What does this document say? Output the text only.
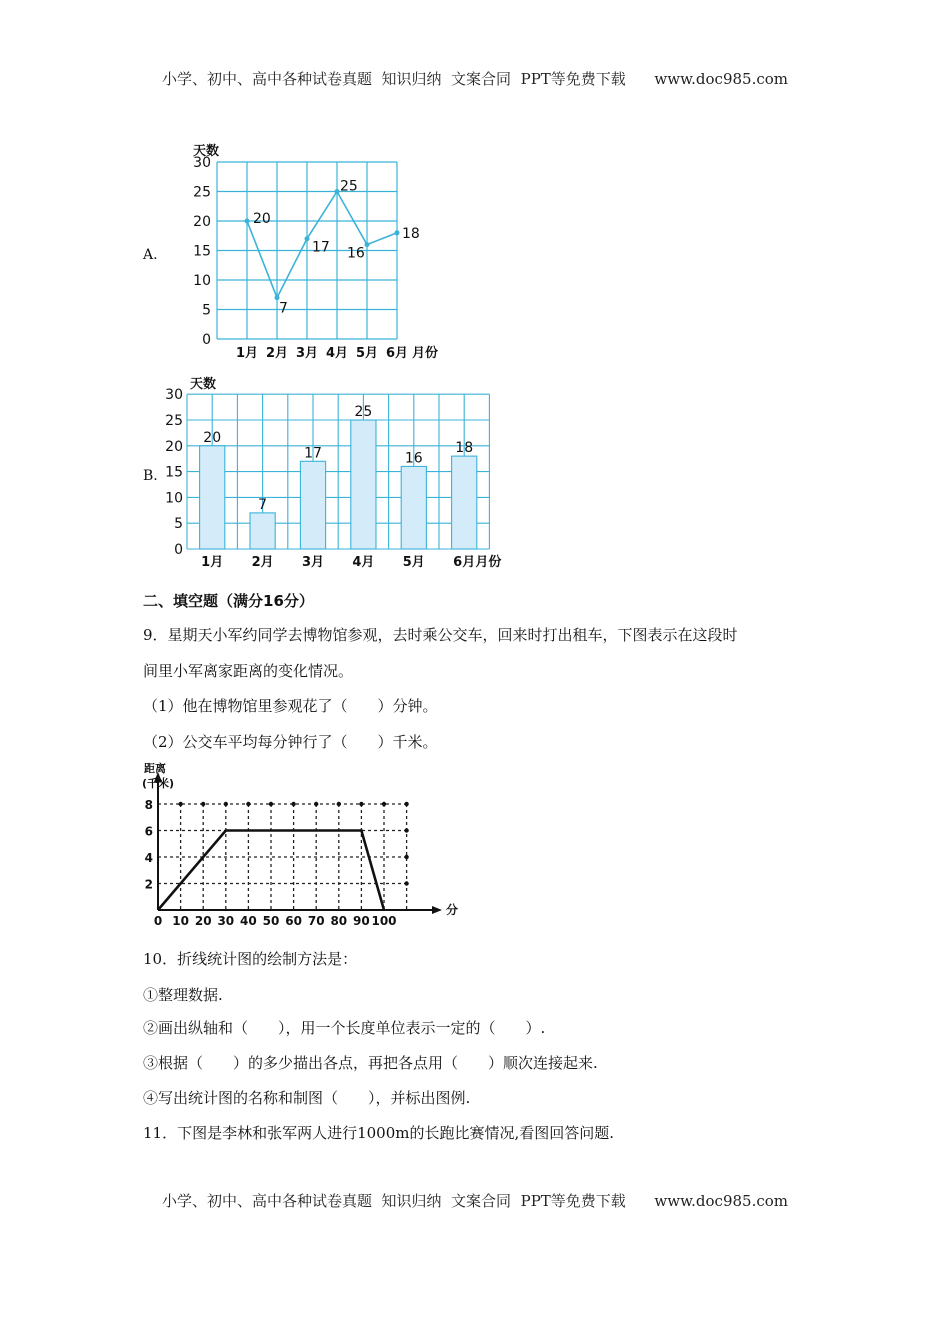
小学、初中、高中各种试卷真题  知识归纳  文案合同  PPT等免费下载 www.doc985.com
小学、初中、高中各种试卷真题  知识归纳  文案合同  PPT等免费下载 www.doc985.com
A.
B.
0
5
10
15
20
25
30
天数
1月 2月 3月 4月 5月 6月 月份
20
7
17
25
16
18
0
5
10
15
20
25
30
天数
20
1月
7
2月
17
3月
25
4月
16
5月
18
6月 月份
二、填空题（满分16分）
9．星期天小军约同学去博物馆参观，去时乘公交车，回来时打出租车，下图表示在这段时
间里小军离家距离的变化情况。
（1）他在博物馆里参观花了（　　）分钟。
（2）公交车平均每分钟行了（　　）千米。
距离
(千米)
分
2
4
6
8
0 10 20 30 40 50 60 70 80 90 100
10．折线统计图的绘制方法是：
①整理数据.
②画出纵轴和（　　），用一个长度单位表示一定的（　　）.
③根据（　　）的多少描出各点，再把各点用（　　）顺次连接起来.
④写出统计图的名称和制图（　　），并标出图例.
11．下图是李林和张军两人进行1000m的长跑比赛情况,看图回答问题.
